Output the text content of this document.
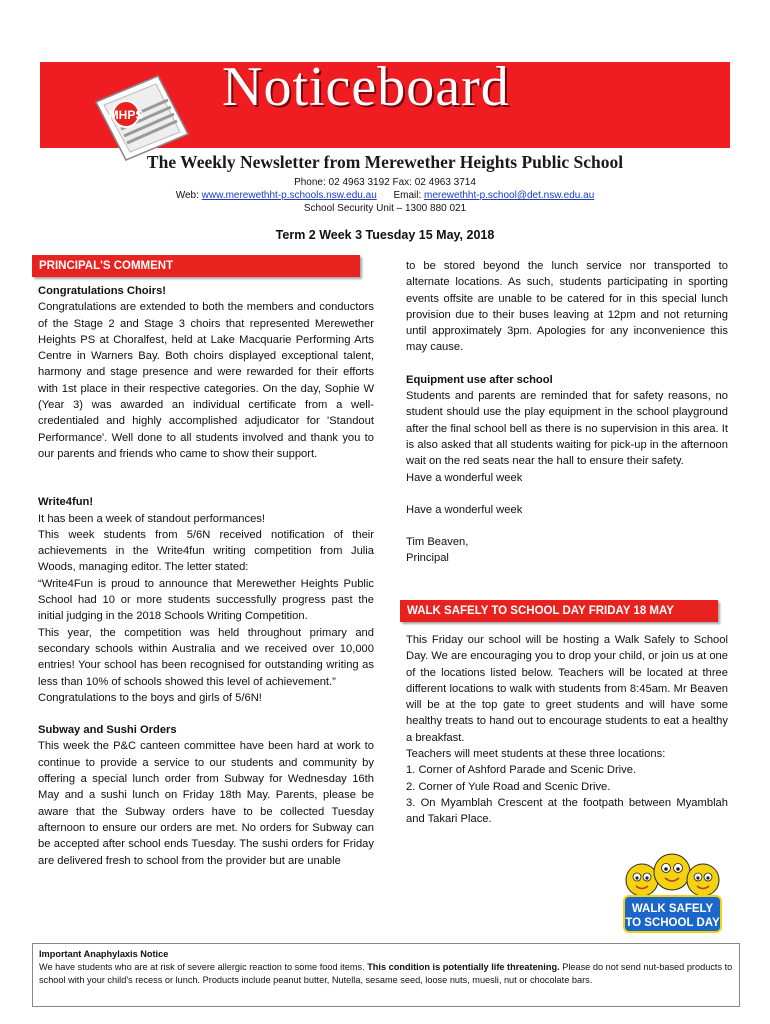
MHPS Noticeboard
The Weekly Newsletter from Merewether Heights Public School
Phone: 02 4963 3192 Fax: 02 4963 3714
Web: www.merewethht-p.schools.nsw.edu.au Email: merewethht-p.school@det.nsw.edu.au
School Security Unit – 1300 880 021
Term 2 Week 3 Tuesday 15 May, 2018
PRINCIPAL'S COMMENT

Congratulations Choirs!

Congratulations are extended to both the members and conductors of the Stage 2 and Stage 3 choirs that represented Merewether Heights PS at Choralfest, held at Lake Macquarie Performing Arts Centre in Warners Bay. Both choirs displayed exceptional talent, harmony and stage presence and were rewarded for their efforts with 1st place in their respective categories. On the day, Sophie W (Year 3) was awarded an individual certificate from a well-credentialed and highly accomplished adjudicator for 'Standout Performance'. Well done to all students involved and thank you to our parents and friends who came to show their support.

Write4fun!

It has been a week of standout performances!

This week students from 5/6N received notification of their achievements in the Write4fun writing competition from Julia Woods, managing editor. The letter stated:

“Write4Fun is proud to announce that Merewether Heights Public School had 10 or more students successfully progress past the initial judging in the 2018 Schools Writing Competition.

This year, the competition was held throughout primary and secondary schools within Australia and we received over 10,000 entries! Your school has been recognised for outstanding writing as less than 10% of schools showed this level of achievement.”

Congratulations to the boys and girls of 5/6N!

Subway and Sushi Orders

This week the P&C canteen committee have been hard at work to continue to provide a service to our students and community by offering a special lunch order from Subway for Wednesday 16th May and a sushi lunch on Friday 18th May. Parents, please be aware that the Subway orders have to be collected Tuesday afternoon to ensure our orders are met. No orders for Subway can be accepted after school ends Tuesday. The sushi orders for Friday are delivered fresh to school from the provider but are unable

to be stored beyond the lunch service nor transported to alternate locations. As such, students participating in sporting events offsite are unable to be catered for in this special lunch provision due to their buses leaving at 12pm and not returning until approximately 3pm. Apologies for any inconvenience this may cause.

Equipment use after school

Students and parents are reminded that for safety reasons, no student should use the play equipment in the school playground after the final school bell as there is no supervision in this area. It is also asked that all students waiting for pick-up in the afternoon wait on the red seats near the hall to ensure their safety.

Have a wonderful week

Have a wonderful week

Tim Beaven,

Principal

WALK SAFELY TO SCHOOL DAY FRIDAY 18 MAY

This Friday our school will be hosting a Walk Safely to School Day. We are encouraging you to drop your child, or join us at one of the locations listed below. Teachers will be located at three different locations to walk with students from 8:45am. Mr Beaven will be at the top gate to greet students and will have some healthy treats to hand out to encourage students to eat a healthy a breakfast.

Teachers will meet students at these three locations:

1. Corner of Ashford Parade and Scenic Drive.

2. Corner of Yule Road and Scenic Drive.

3. On Myamblah Crescent at the footpath between Myamblah and Takari Place.

WALK SAFELY
TO SCHOOL DAY

Important Anaphylaxis Notice

We have students who are at risk of severe allergic reaction to some food items. This condition is potentially life threatening. Please do not send nut-based products to school with your child's recess or lunch. Products include peanut butter, Nutella, sesame seed, loose nuts, muesli, nut or chocolate bars.
